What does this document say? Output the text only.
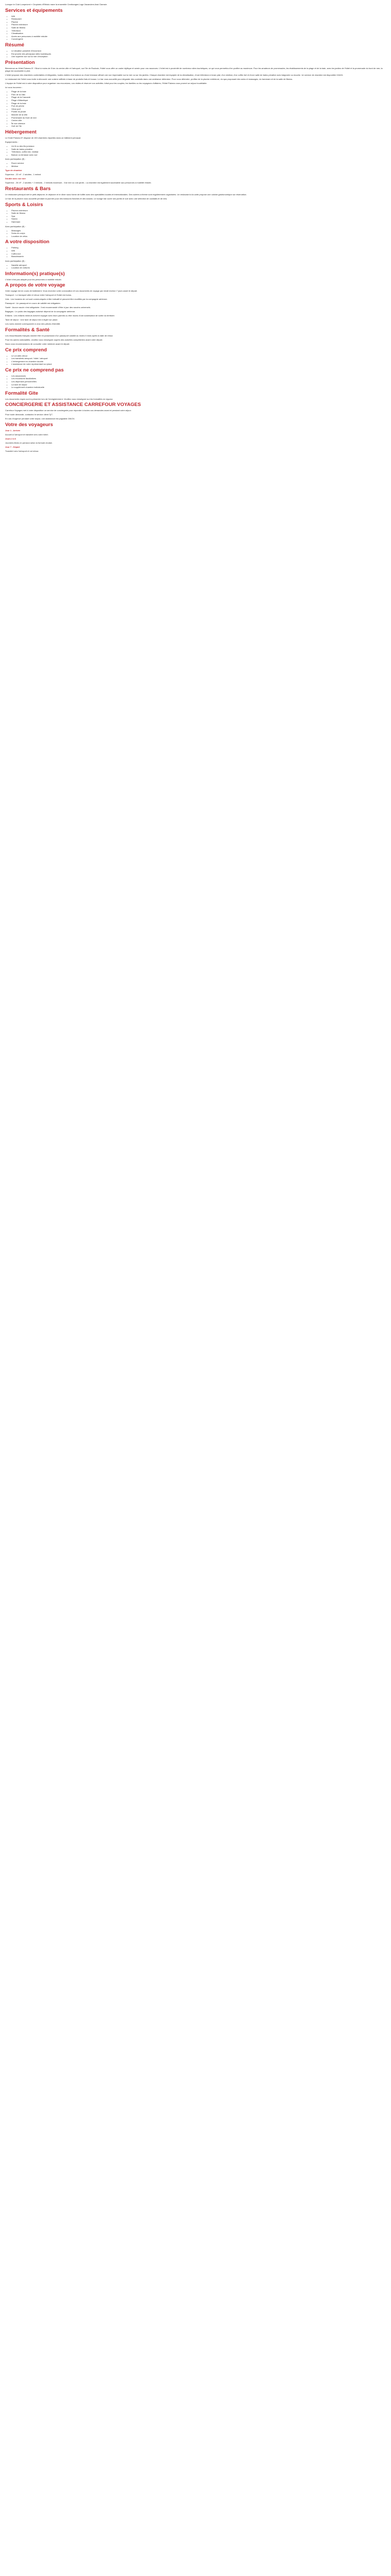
Lorsque le Club Lumpevent « Cirquinès d'Ethisto mare la ensemble Centiorages Lago Vacanciers Assi Clamsie.

Services et équipements
• Wifi
• Restaurant
• Piscine
• Piscine extérieure
• Salle de fitness
• Télévision
• Climatisation
• Accès aux personnes à mobilité réduite
• Conciergerie
Résumé
• Le situation possède d'excursion
• Est proche des principaux sites touristiques
• Une superbe vue sur la mer d'exception
Présentation

Bienvenue au Hôtel Paloma 5* ! Situé à moins de 5 km du centre-ville et l'aéroport, sur l'île de Roubaix, l'hôtel vous offre un cadre idyllique et serein pour vos vacances. L'hôtel est à proximité de nombreux sites touristiques, ce qui vous permettra d'en profiter au maximum. Pour les amateurs de promenades, les établissements de la plage et de la baie, avec les jardins de l'hôtel et la promenade du bord de mer, la plage est accessible à pied.

L'hôtel propose des chambres confortables et élégantes, toutes dotées d'un balcon ou d'une terrasse offrant une vue imprenable sur la mer ou sur les jardins. Chaque chambre est équipée de la climatisation, d'une télévision à écran plat, d'un minibar, d'un coffre-fort et d'une salle de bains privative avec baignoire ou douche. Un service de chambre est disponible 24h/24.

Le restaurant de l'hôtel vous invite à découvrir une cuisine raffinée à base de produits frais et locaux. Le bar vous accueille pour déguster des cocktails dans une ambiance détendue. Pour vous détendre, profitez de la piscine extérieure, du spa proposant des soins et massages, du hammam et de la salle de fitness.

L'équipe de l'hôtel est à votre disposition pour organiser vos excursions, vos visites et réserver vos activités. Idéal pour les couples, les familles ou les voyageurs d'affaires, l'Hôtel Paloma vous promet un séjour inoubliable.

Ici vous trouverez :

• Plage de la baie
• Parc de la Villa
• Plage de la Cascade
• Plage d'Atlantique
• Plage de la baie
• Port de pêche
• Vieux port
• Pointe du phare
• Marché de la ville
• Promenade du front de mer
• Centre-ville
• Île aux oiseaux
• Golf de l'île
Hébergement

Le Hotel Paloma 5* dispose de 153 chambres réparties dans un bâtiment principal.

Equipements :

• Un lit ou des lits jumeaux
• Salle de bains privative
• Télévision, coffre-fort, minibar
• Balcon ou terrasse avec vue

Avec participation (€) :

• Room service
• Minibar

Type de chambre

Superieur - 22 m² - 2 adultes - 1 enfant

Double avec vue mer

Superieur - 26 m² - 2 adultes + 2 enfants - 2 enfants maximum - Vue mer ou vue jardin - La chambre est également accessible aux personnes à mobilité réduite.

Restaurants & Bars

Le restaurant principal sert le petit-déjeuner, le déjeuner et le dîner sous forme de buffet avec des spécialités locales et internationales. Des soirées à thème sont régulièrement organisées. Un restaurant à la carte propose une cuisine gastronomique sur réservation.

Le bar de la piscine vous accueille pendant la journée pour des boissons fraîches et des snacks. Le lounge bar ouvre ses portes le soir avec une sélection de cocktails et de vins.

Sports & Loisirs
• Piscine extérieure
• Salle de fitness
• Spa
• Sauna
• Hammam

Avec participation (€) :

• Massages
• Soins du corps
• Location de vélos
A votre disposition
• Parking
• Wifi
• Coffre-fort
• Blanchisserie

Avec participation (€) :

• Navette aéroport
• Location de voitures
Information(s) pratique(s)

L'hôtel n'est pas adapté pour les personnes à mobilité réduite.

A propos de votre voyage

Votre voyage est en cours de traitement. Vous recevrez votre convocation et vos documents de voyage par email environ 7 jours avant le départ.

Transport : Le transport aller et retour entre l'aéroport et l'hôtel est inclus.

Vols : Les horaires de vol sont communiqués à titre indicatif et peuvent être modifiés par la compagnie aérienne.

Passeport : Un passeport en cours de validité est obligatoire.

Santé : Aucun vaccin n'est obligatoire. Il est recommandé d'être à jour des vaccins universels.

Bagages : Le poids des bagages autorisé dépend de la compagnie aérienne.

Enfants : Les enfants mineurs doivent voyager avec leurs parents ou être munis d'une autorisation de sortie du territoire.

Taxe de séjour : Une taxe de séjour est à régler sur place.

Les noms doivent correspondre à ceux des pièces d'identité.

Formalités & Santé

Les ressortissants français doivent être en possession d'un passeport valable au moins 6 mois après la date de retour.

Pour les autres nationalités, veuillez vous renseigner auprès des autorités compétentes avant votre départ.

Nous vous recommandons de consulter votre médecin avant le départ.

Ce prix comprend
• Le vol aller-retour
• Les transferts aéroport / hôtel / aéroport
• L'hébergement en chambre double
• L'assistance de notre représentant sur place
Ce prix ne comprend pas
• Les assurances
• Les excursions facultatives
• Les dépenses personnelles
• La taxe de séjour
• Le supplément chambre individuelle
Formalité Gite

Les documents requis sont à présenter lors de l'enregistrement. Veuillez vous renseigner sur les formalités en vigueur.

CONCIERGERIE ET ASSISTANCE CARREFOUR VOYAGES

Carrefour Voyages met à votre disposition un service de conciergerie pour répondre à toutes vos demandes avant et pendant votre séjour.

Pour toute demande, contactez le service client 7j/7.

En cas d'urgence pendant votre séjour, une assistance est joignable 24h/24.

Votre des voyageurs

Jour 1 - Arrivée

Accueil à l'aéroport et transfert vers votre hôtel.

Jours 2 à 6

Journées libres en pension selon la formule choisie.

Jour 7 - Départ

Transfert vers l'aéroport et vol retour.
